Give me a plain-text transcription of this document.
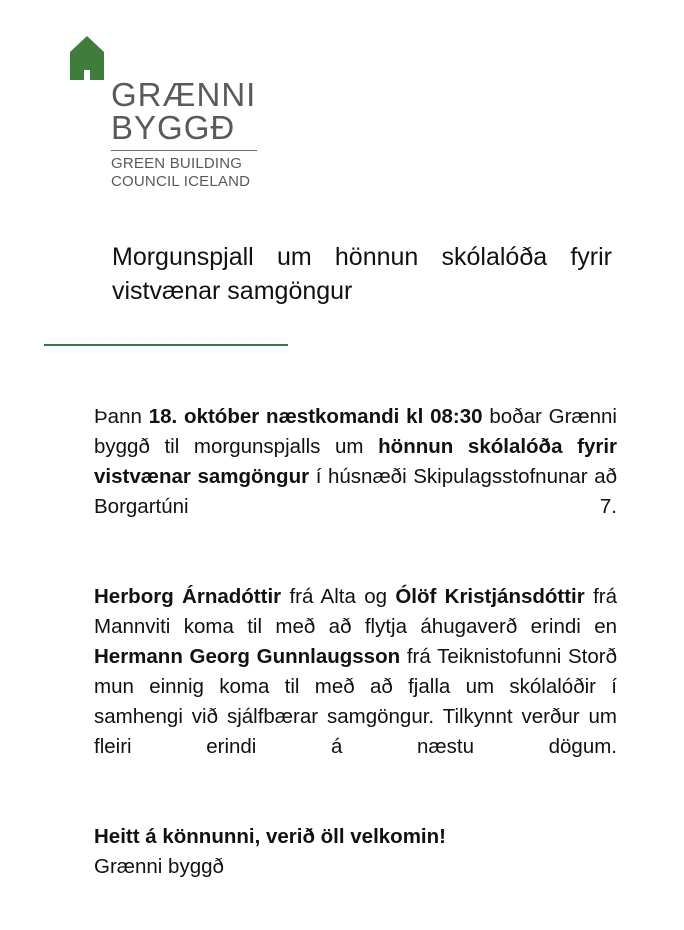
GRÆNNI
BYGGÐ
GREEN BUILDING
COUNCIL ICELAND
Morgunspjall um hönnun skólalóða fyrir vistvænar samgöngur

Þann 18. október næstkomandi kl 08:30 boðar Grænni byggð til morgunspjalls um hönnun skólalóða fyrir vistvænar samgöngur í húsnæði Skipulagsstofnunar að Borgartúni 7.

Herborg Árnadóttir frá Alta og Ólöf Kristjánsdóttir frá Mannviti koma til með að flytja áhugaverð erindi en Hermann Georg Gunnlaugsson frá Teiknistofunni Storð mun einnig koma til með að fjalla um skólalóðir í samhengi við sjálfbærar samgöngur. Tilkynnt verður um fleiri erindi á næstu dögum.

Heitt á könnunni, verið öll velkomin!

Grænni byggð
